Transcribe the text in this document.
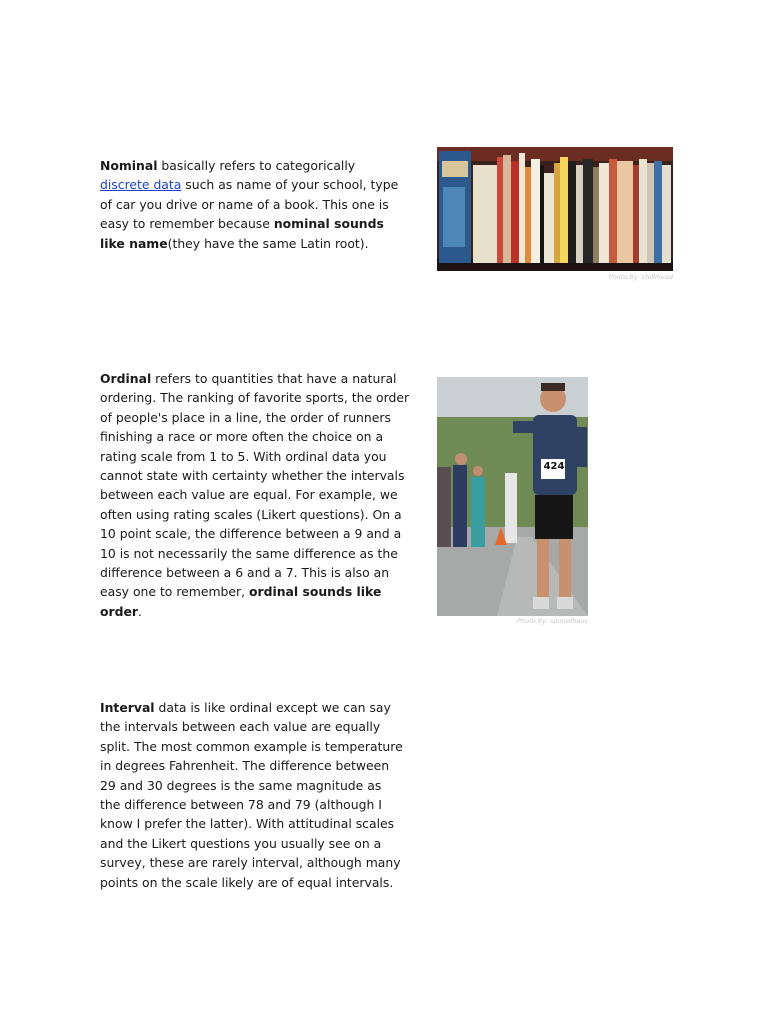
Nominal basically refers to categorically discrete data such as name of your school, type of car you drive or name of a book. This one is easy to remember because nominal sounds like name(they have the same Latin root).

Photo By: chillihead

Ordinal refers to quantities that have a natural ordering. The ranking of favorite sports, the order of people's place in a line, the order of runners finishing a race or more often the choice on a rating scale from 1 to 5. With ordinal data you cannot state with certainty whether the intervals between each value are equal. For example, we often using rating scales (Likert questions). On a 10 point scale, the difference between a 9 and a 10 is not necessarily the same difference as the difference between a 6 and a 7. This is also an easy one to remember, ordinal sounds like order.

424
Photo By: spimetheus

Interval data is like ordinal except we can say the intervals between each value are equally split. The most common example is temperature in degrees Fahrenheit. The difference between 29 and 30 degrees is the same magnitude as the difference between 78 and 79 (although I know I prefer the latter). With attitudinal scales and the Likert questions you usually see on a survey, these are rarely interval, although many points on the scale likely are of equal intervals.
